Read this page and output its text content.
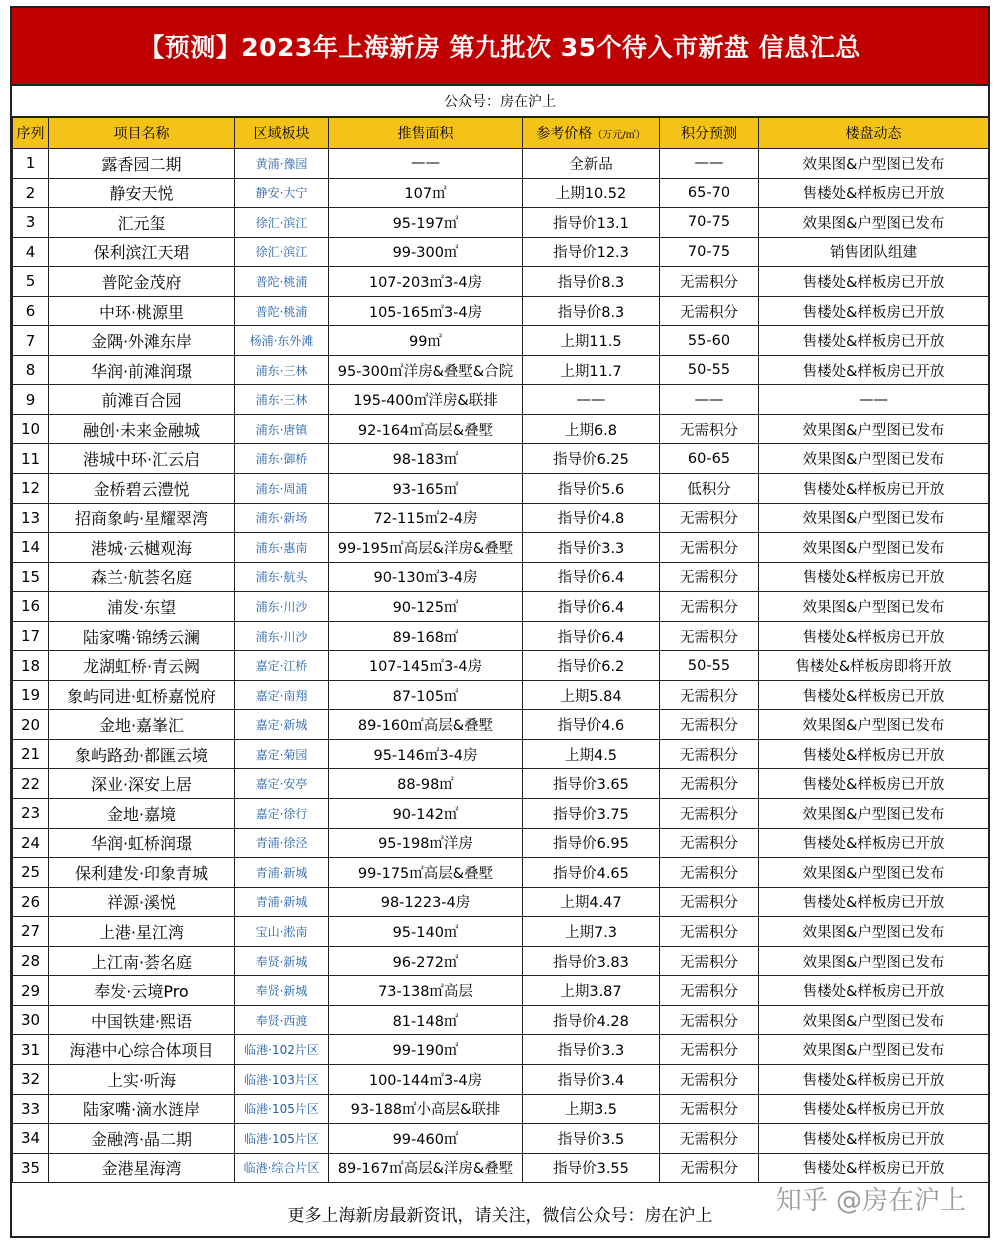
【预测】2023年上海新房 第九批次 35个待入市新盘 信息汇总
公众号：房在沪上
序列	项目名称	区域板块	推售面积	参考价格（万元/㎡）	积分预测	楼盘动态
1	露香园二期	黄浦·豫园	——	全新品	——	效果图&户型图已发布
2	静安天悦	静安·大宁	107㎡	上期10.52	65-70	售楼处&样板房已开放
3	汇元玺	徐汇·滨江	95-197㎡	指导价13.1	70-75	效果图&户型图已发布
4	保利滨江天珺	徐汇·滨江	99-300㎡	指导价12.3	70-75	销售团队组建
5	普陀金茂府	普陀·桃浦	107-203㎡3-4房	指导价8.3	无需积分	售楼处&样板房已开放
6	中环·桃源里	普陀·桃浦	105-165㎡3-4房	指导价8.3	无需积分	售楼处&样板房已开放
7	金隅·外滩东岸	杨浦·东外滩	99㎡	上期11.5	55-60	售楼处&样板房已开放
8	华润·前滩润璟	浦东·三林	95-300㎡洋房&叠墅&合院	上期11.7	50-55	售楼处&样板房已开放
9	前滩百合园	浦东·三林	195-400㎡洋房&联排	——	——	——
10	融创·未来金融城	浦东·唐镇	92-164㎡高层&叠墅	上期6.8	无需积分	效果图&户型图已发布
11	港城中环·汇云启	浦东·御桥	98-183㎡	指导价6.25	60-65	效果图&户型图已发布
12	金桥碧云澧悦	浦东·周浦	93-165㎡	指导价5.6	低积分	售楼处&样板房已开放
13	招商象屿·星耀翠湾	浦东·新场	72-115㎡2-4房	指导价4.8	无需积分	效果图&户型图已发布
14	港城·云樾观海	浦东·惠南	99-195㎡高层&洋房&叠墅	指导价3.3	无需积分	效果图&户型图已发布
15	森兰·航荟名庭	浦东·航头	90-130㎡3-4房	指导价6.4	无需积分	售楼处&样板房已开放
16	浦发·东望	浦东·川沙	90-125㎡	指导价6.4	无需积分	效果图&户型图已发布
17	陆家嘴·锦绣云澜	浦东·川沙	89-168㎡	指导价6.4	无需积分	售楼处&样板房已开放
18	龙湖虹桥·青云阙	嘉定·江桥	107-145㎡3-4房	指导价6.2	50-55	售楼处&样板房即将开放
19	象屿同进·虹桥嘉悦府	嘉定·南翔	87-105㎡	上期5.84	无需积分	售楼处&样板房已开放
20	金地·嘉峯汇	嘉定·新城	89-160㎡高层&叠墅	指导价4.6	无需积分	效果图&户型图已发布
21	象屿路劲·都匯云境	嘉定·菊园	95-146㎡3-4房	上期4.5	无需积分	售楼处&样板房已开放
22	深业·深安上居	嘉定·安亭	88-98㎡	指导价3.65	无需积分	售楼处&样板房已开放
23	金地·嘉境	嘉定·徐行	90-142㎡	指导价3.75	无需积分	效果图&户型图已发布
24	华润·虹桥润璟	青浦·徐泾	95-198㎡洋房	指导价6.95	无需积分	售楼处&样板房已开放
25	保利建发·印象青城	青浦·新城	99-175㎡高层&叠墅	指导价4.65	无需积分	效果图&户型图已发布
26	祥源·溪悦	青浦·新城	98-1223-4房	上期4.47	无需积分	售楼处&样板房已开放
27	上港·星江湾	宝山·淞南	95-140㎡	上期7.3	无需积分	效果图&户型图已发布
28	上江南·荟名庭	奉贤·新城	96-272㎡	指导价3.83	无需积分	效果图&户型图已发布
29	奉发·云境Pro	奉贤·新城	73-138㎡高层	上期3.87	无需积分	售楼处&样板房已开放
30	中国铁建·熙语	奉贤·西渡	81-148㎡	指导价4.28	无需积分	效果图&户型图已发布
31	海港中心综合体项目	临港·102片区	99-190㎡	指导价3.3	无需积分	效果图&户型图已发布
32	上实·听海	临港·103片区	100-144㎡3-4房	指导价3.4	无需积分	售楼处&样板房已开放
33	陆家嘴·滴水涟岸	临港·105片区	93-188㎡小高层&联排	上期3.5	无需积分	售楼处&样板房已开放
34	金融湾·晶二期	临港·105片区	99-460㎡	指导价3.5	无需积分	售楼处&样板房已开放
35	金港星海湾	临港·综合片区	89-167㎡高层&洋房&叠墅	指导价3.55	无需积分	售楼处&样板房已开放
更多上海新房最新资讯，请关注，微信公众号：房在沪上	知乎 @房在沪上
